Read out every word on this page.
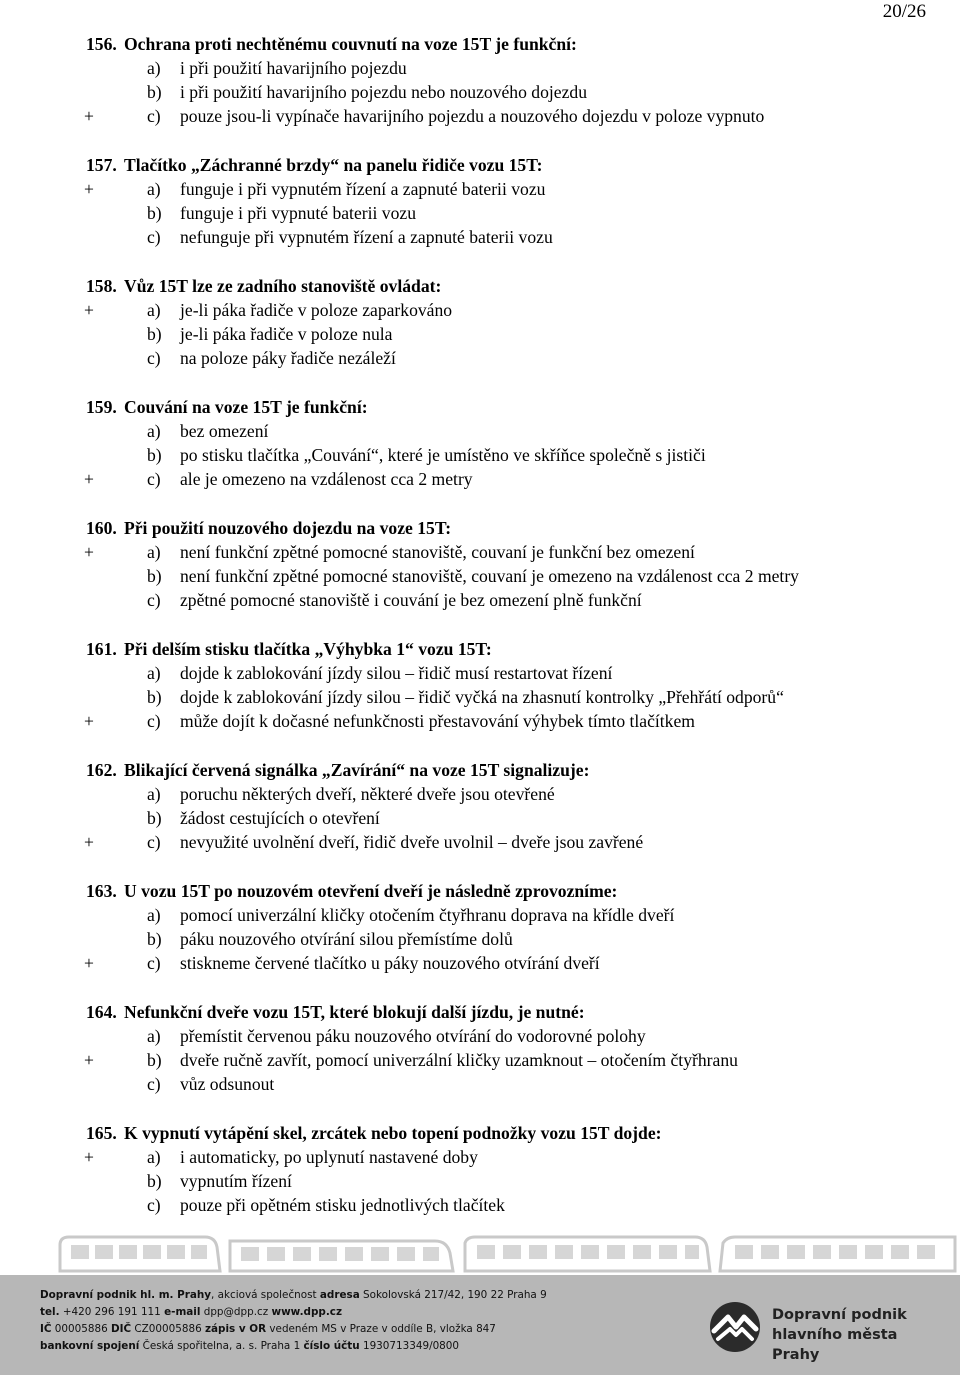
20/26
156. Ochrana proti nechtěnému couvnutí na voze 15T je funkční:
a) i při použití havarijního pojezdu
b) i při použití havarijního pojezdu nebo nouzového dojezdu
+	c) pouze jsou-li vypínače havarijního pojezdu a nouzového dojezdu v poloze vypnuto
157. Tlačítko „Záchranné brzdy“ na panelu řidiče vozu 15T:
+	a) funguje i při vypnutém řízení a zapnuté baterii vozu
b) funguje i při vypnuté baterii vozu
c) nefunguje při vypnutém řízení a zapnuté baterii vozu
158. Vůz 15T lze ze zadního stanoviště ovládat:
+	a) je-li páka řadiče v poloze zaparkováno
b) je-li páka řadiče v poloze nula
c) na poloze páky řadiče nezáleží
159. Couvání na voze 15T je funkční:
a) bez omezení
b) po stisku tlačítka „Couvání“, které je umístěno ve skříňce společně s jističi
+	c) ale je omezeno na vzdálenost cca 2 metry
160. Při použití nouzového dojezdu na voze 15T:
+	a) není funkční zpětné pomocné stanoviště, couvaní je funkční bez omezení
b) není funkční zpětné pomocné stanoviště, couvaní je omezeno na vzdálenost cca 2 metry
c) zpětné pomocné stanoviště i couvání je bez omezení plně funkční
161. Při delším stisku tlačítka „Výhybka 1“ vozu 15T:
a) dojde k zablokování jízdy silou – řidič musí restartovat řízení
b) dojde k zablokování jízdy silou – řidič vyčká na zhasnutí kontrolky „Přehřátí odporů“
+	c) může dojít k dočasné nefunkčnosti přestavování výhybek tímto tlačítkem
162. Blikající červená signálka „Zavírání“ na voze 15T signalizuje:
a) poruchu některých dveří, některé dveře jsou otevřené
b) žádost cestujících o otevření
+	c) nevyužité uvolnění dveří, řidič dveře uvolnil – dveře jsou zavřené
163. U vozu 15T po nouzovém otevření dveří je následně zprovozníme:
a) pomocí univerzální kličky otočením čtyřhranu doprava na křídle dveří
b) páku nouzového otvírání silou přemístíme dolů
+	c) stiskneme červené tlačítko u páky nouzového otvírání dveří
164. Nefunkční dveře vozu 15T, které blokují další jízdu, je nutné:
a) přemístit červenou páku nouzového otvírání do vodorovné polohy
+	b) dveře ručně zavřít, pomocí univerzální kličky uzamknout – otočením čtyřhranu
c) vůz odsunout
165. K vypnutí vytápění skel, zrcátek nebo topení podnožky vozu 15T dojde:
+	a) i automaticky, po uplynutí nastavené doby
b) vypnutím řízení
c) pouze při opětném stisku jednotlivých tlačítek
Dopravní podnik hl. m. Prahy, akciová společnost adresa Sokolovská 217/42, 190 22 Praha 9
tel. +420 296 191 111 e-mail dpp@dpp.cz www.dpp.cz
IČ 00005886 DIČ CZ00005886 zápis v OR vedeném MS v Praze v oddíle B, vložka 847
bankovní spojení Česká spořitelna, a. s. Praha 1 číslo účtu 1930713349/0800
Dopravní podnik
hlavního města Prahy
